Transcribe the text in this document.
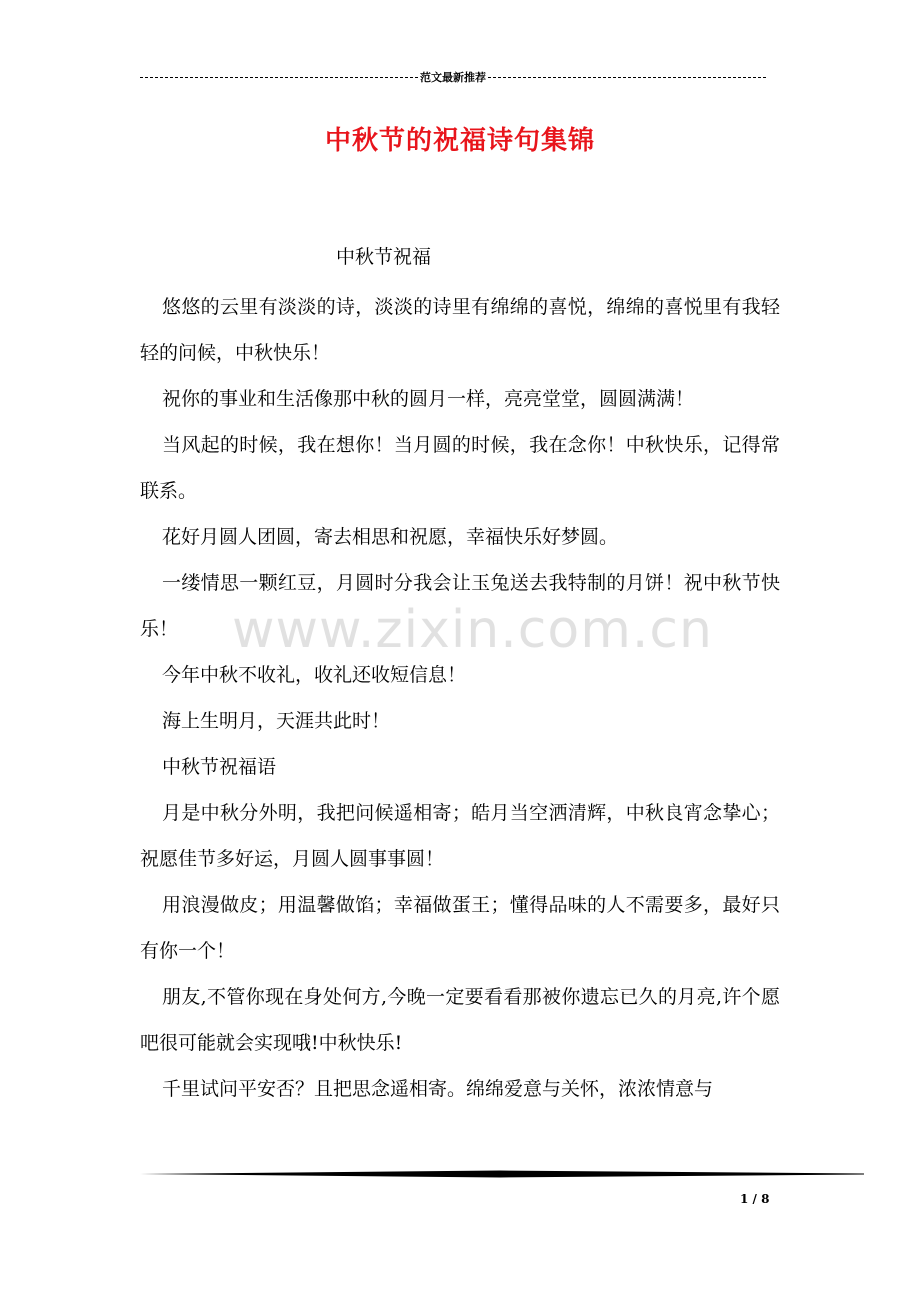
范文最新推荐
中秋节的祝福诗句集锦
中秋节祝福

悠悠的云里有淡淡的诗，淡淡的诗里有绵绵的喜悦，绵绵的喜悦里有我轻轻的问候，中秋快乐！

祝你的事业和生活像那中秋的圆月一样，亮亮堂堂，圆圆满满！

当风起的时候，我在想你！当月圆的时候，我在念你！中秋快乐，记得常联系。

花好月圆人团圆，寄去相思和祝愿，幸福快乐好梦圆。

一缕情思一颗红豆，月圆时分我会让玉兔送去我特制的月饼！祝中秋节快乐！

今年中秋不收礼，收礼还收短信息！

海上生明月，天涯共此时！

中秋节祝福语

月是中秋分外明，我把问候遥相寄；皓月当空洒清辉，中秋良宵念挚心；祝愿佳节多好运，月圆人圆事事圆！

用浪漫做皮；用温馨做馅；幸福做蛋王；懂得品味的人不需要多，最好只有你一个！

朋友,不管你现在身处何方,今晚一定要看看那被你遗忘已久的月亮,许个愿吧很可能就会实现哦!中秋快乐!

千里试问平安否？且把思念遥相寄。绵绵爱意与关怀，浓浓情意与

www.zixin.com.cn
1 / 8
